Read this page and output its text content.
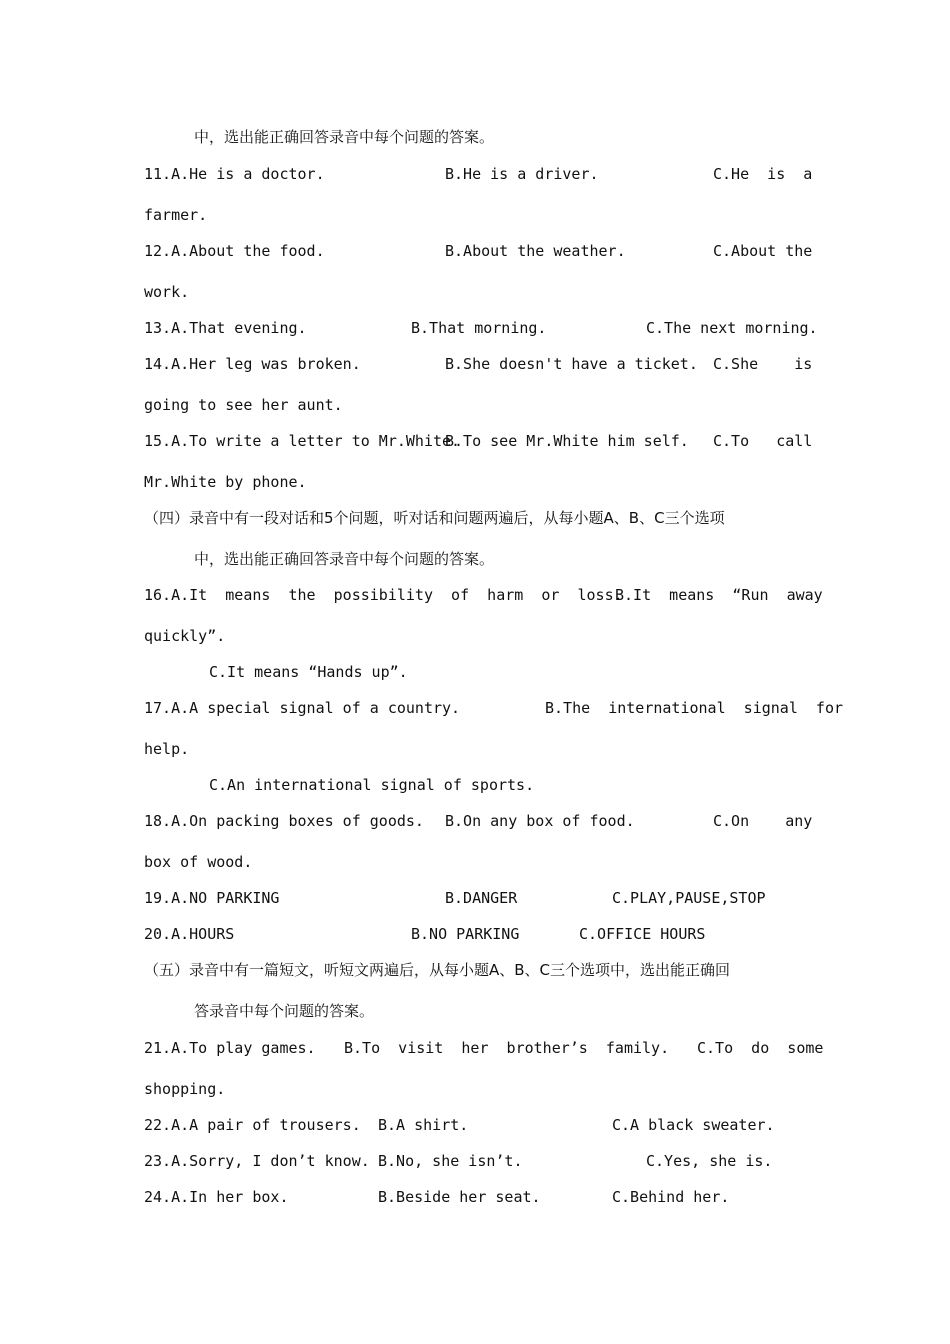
中，选出能正确回答录音中每个问题的答案。
11.A.He is a doctor.	B.He is a driver.	C.He  is  a
farmer.
12.A.About the food.	B.About the weather.	C.About the
work.
13.A.That evening.	B.That morning.	C.The next morning.
14.A.Her leg was broken.	B.She doesn't have a ticket. C.She    is
going to see her aunt.
15.A.To write a letter to Mr.White.
B.To see Mr.White him self. C.To   call
Mr.White by phone.
（四）录音中有一段对话和5个问题，听对话和问题两遍后，从每小题A、B、C三个选项
中，选出能正确回答录音中每个问题的答案。
16.A.It  means  the  possibility  of  harm  or  loss.
B.It  means  “Run  away
quickly”.
C.It means “Hands up”.
17.A.A special signal of a country.	B.The  international  signal  for
help.
C.An international signal of sports.
18.A.On packing boxes of goods. B.On any box of food.	C.On    any
box of wood.
19.A.NO PARKING	B.DANGER	C.PLAY,PAUSE,STOP
20.A.HOURS	B.NO PARKING	C.OFFICE HOURS
（五）录音中有一篇短文，听短文两遍后，从每小题A、B、C三个选项中，选出能正确回
答录音中每个问题的答案。
21.A.To play games. B.To  visit  her  brother’s  family. C.To  do  some
shopping.
22.A.A pair of trousers. B.A shirt.	C.A black sweater.
23.A.Sorry, I don’t know. B.No, she isn’t.	C.Yes, she is.
24.A.In her box.	B.Beside her seat.	C.Behind her.
